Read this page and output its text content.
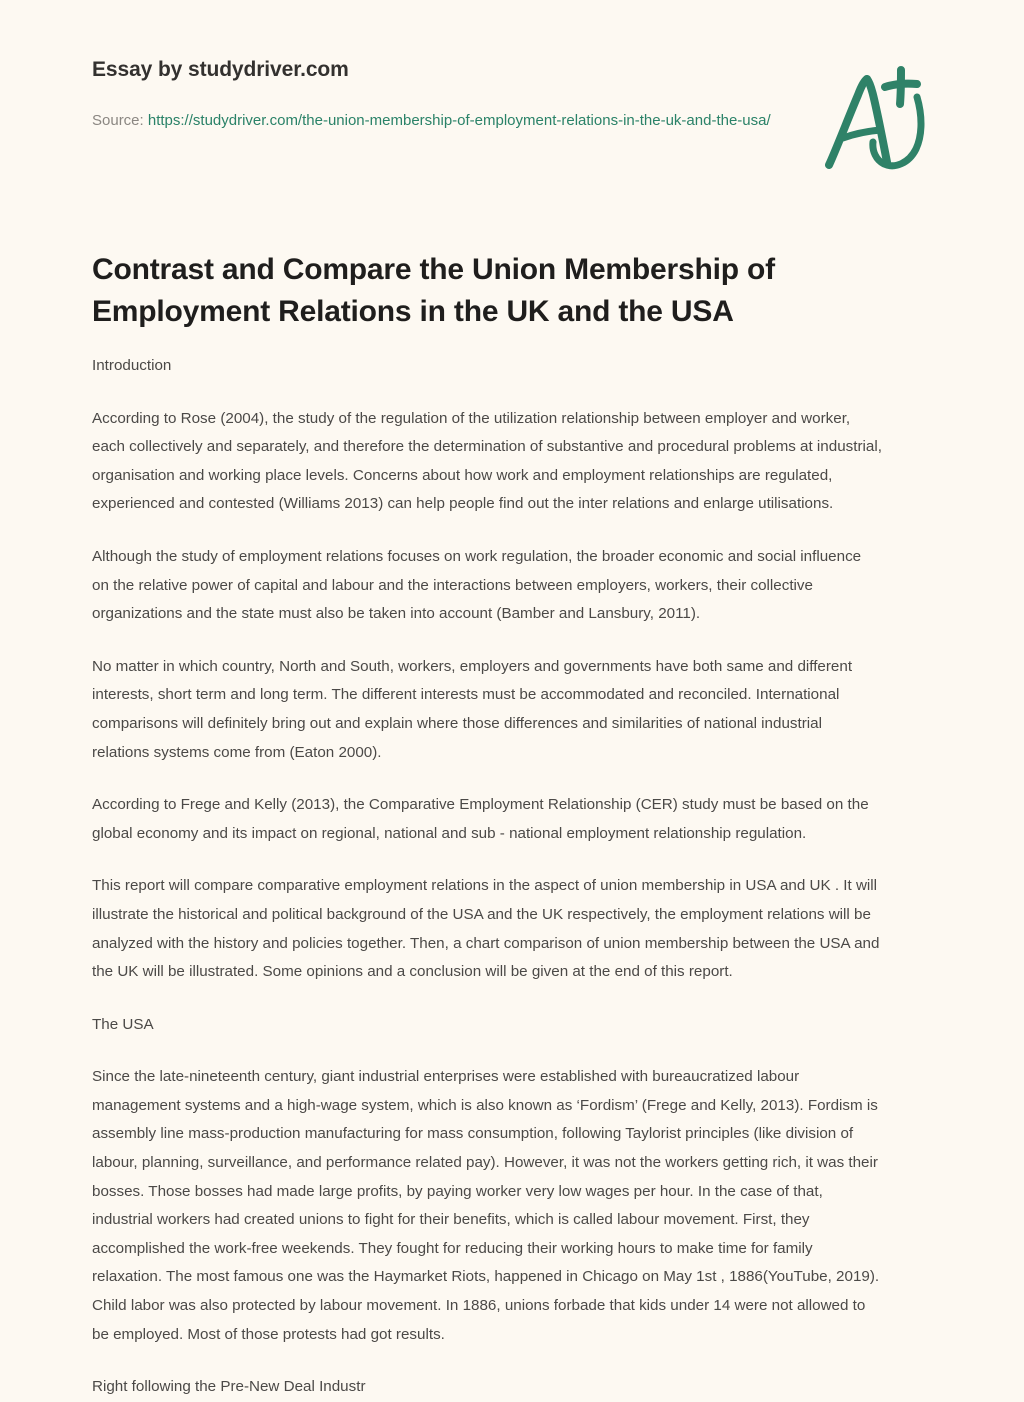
Essay by studydriver.com
Source: https://studydriver.com/the-union-membership-of-employment-relations-in-the-uk-and-the-usa/
Contrast and Compare the Union Membership of Employment Relations in the UK and the USA

Introduction

According to Rose (2004), the study of the regulation of the utilization relationship between employer and worker, each collectively and separately, and therefore the determination of substantive and procedural problems at industrial, organisation and working place levels. Concerns about how work and employment relationships are regulated, experienced and contested (Williams 2013) can help people find out the inter relations and enlarge utilisations.

Although the study of employment relations focuses on work regulation, the broader economic and social influence on the relative power of capital and labour and the interactions between employers, workers, their collective organizations and the state must also be taken into account (Bamber and Lansbury, 2011).

No matter in which country, North and South, workers, employers and governments have both same and different interests, short term and long term. The different interests must be accommodated and reconciled. International comparisons will definitely bring out and explain where those differences and similarities of national industrial relations systems come from (Eaton 2000).

According to Frege and Kelly (2013), the Comparative Employment Relationship (CER) study must be based on the global economy and its impact on regional, national and sub - national employment relationship regulation.

This report will compare comparative employment relations in the aspect of union membership in USA and UK . It will illustrate the historical and political background of the USA and the UK respectively, the employment relations will be analyzed with the history and policies together. Then, a chart comparison of union membership between the USA and the UK will be illustrated. Some opinions and a conclusion will be given at the end of this report.

The USA

Since the late-nineteenth century, giant industrial enterprises were established with bureaucratized labour management systems and a high-wage system, which is also known as ‘Fordism’ (Frege and Kelly, 2013). Fordism is assembly line mass-production manufacturing for mass consumption, following Taylorist principles (like division of labour, planning, surveillance, and performance related pay). However, it was not the workers getting rich, it was their bosses. Those bosses had made large profits, by paying worker very low wages per hour. In the case of that, industrial workers had created unions to fight for their benefits, which is called labour movement. First, they accomplished the work-free weekends. They fought for reducing their working hours to make time for family relaxation. The most famous one was the Haymarket Riots, happened in Chicago on May 1st , 1886(YouTube, 2019). Child labor was also protected by labour movement. In 1886, unions forbade that kids under 14 were not allowed to be employed. Most of those protests had got results.

Right following the Pre-New Deal Industr
